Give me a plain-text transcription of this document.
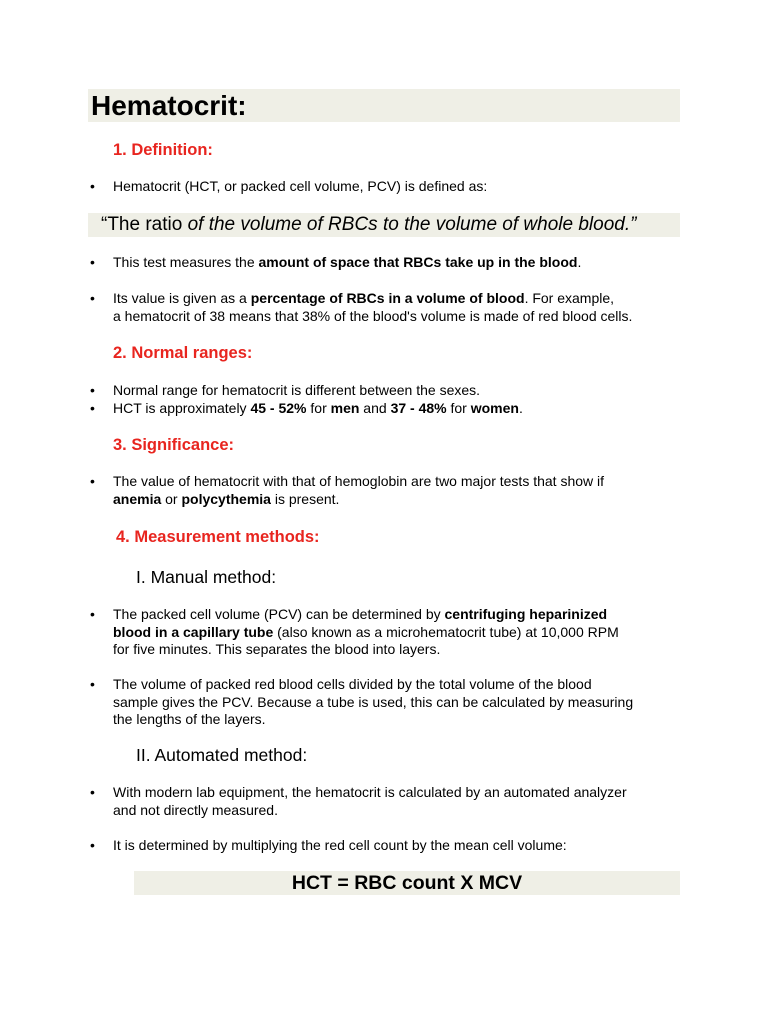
Hematocrit:
1. Definition:
• Hematocrit (HCT, or packed cell volume, PCV) is defined as:
“The ratio of the volume of RBCs to the volume of whole blood.”
• This test measures the amount of space that RBCs take up in the blood.
• Its value is given as a percentage of RBCs in a volume of blood. For example,
a hematocrit of 38 means that 38% of the blood's volume is made of red blood cells.
2. Normal ranges:
• Normal range for hematocrit is different between the sexes.
• HCT is approximately 45 - 52% for men and 37 - 48% for women.
3. Significance:
• The value of hematocrit with that of hemoglobin are two major tests that show if
anemia or polycythemia is present.
4. Measurement methods:
I. Manual method:
• The packed cell volume (PCV) can be determined by centrifuging heparinized
blood in a capillary tube (also known as a microhematocrit tube) at 10,000 RPM
for five minutes. This separates the blood into layers.
• The volume of packed red blood cells divided by the total volume of the blood
sample gives the PCV. Because a tube is used, this can be calculated by measuring
the lengths of the layers.
II. Automated method:
• With modern lab equipment, the hematocrit is calculated by an automated analyzer
and not directly measured.
• It is determined by multiplying the red cell count by the mean cell volume:
HCT = RBC count X MCV
